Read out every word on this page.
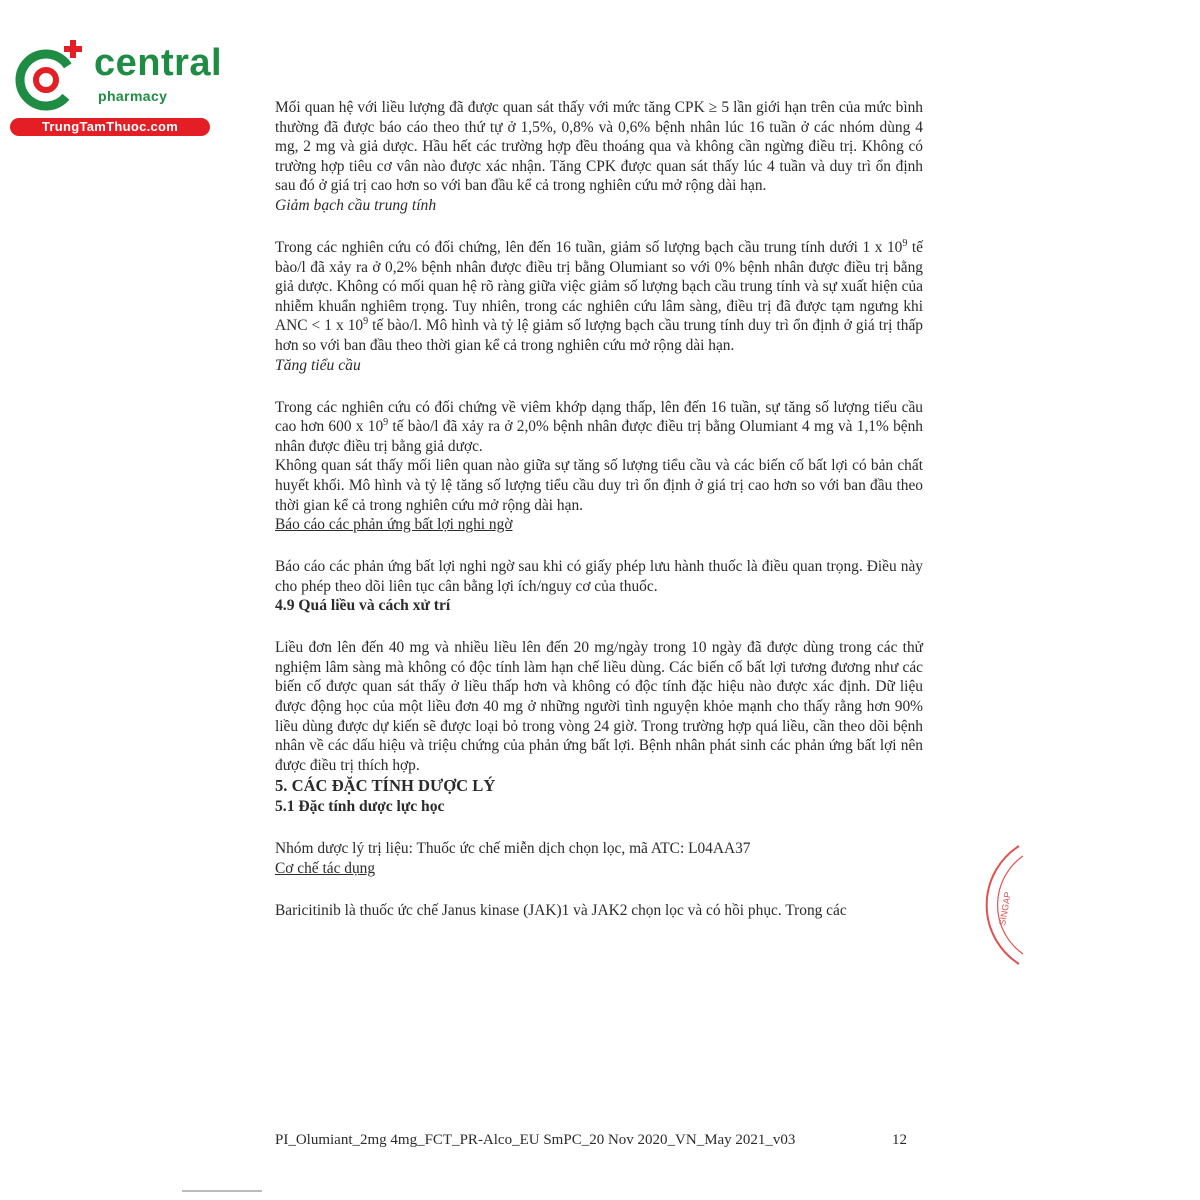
central
pharmacy
TrungTamThuoc.com

Mối quan hệ với liều lượng đã được quan sát thấy với mức tăng CPK ≥ 5 lần giới hạn trên của mức bình thường đã được báo cáo theo thứ tự ở 1,5%, 0,8% và 0,6% bệnh nhân lúc 16 tuần ở các nhóm dùng 4 mg, 2 mg và giả dược. Hầu hết các trường hợp đều thoáng qua và không cần ngừng điều trị. Không có trường hợp tiêu cơ vân nào được xác nhận. Tăng CPK được quan sát thấy lúc 4 tuần và duy trì ổn định sau đó ở giá trị cao hơn so với ban đầu kể cả trong nghiên cứu mở rộng dài hạn.

Giảm bạch cầu trung tính

Trong các nghiên cứu có đối chứng, lên đến 16 tuần, giảm số lượng bạch cầu trung tính dưới 1 x $10^9$ tế bào/l đã xảy ra ở 0,2% bệnh nhân được điều trị bằng Olumiant so với 0% bệnh nhân được điều trị bằng giả dược. Không có mối quan hệ rõ ràng giữa việc giảm số lượng bạch cầu trung tính và sự xuất hiện của nhiễm khuẩn nghiêm trọng. Tuy nhiên, trong các nghiên cứu lâm sàng, điều trị đã được tạm ngưng khi ANC < 1 x $10^9$ tế bào/l. Mô hình và tỷ lệ giảm số lượng bạch cầu trung tính duy trì ổn định ở giá trị thấp hơn so với ban đầu theo thời gian kể cả trong nghiên cứu mở rộng dài hạn.

Tăng tiểu cầu

Trong các nghiên cứu có đối chứng về viêm khớp dạng thấp, lên đến 16 tuần, sự tăng số lượng tiểu cầu cao hơn 600 x $10^9$ tế bào/l đã xảy ra ở 2,0% bệnh nhân được điều trị bằng Olumiant 4 mg và 1,1% bệnh nhân được điều trị bằng giả dược.

Không quan sát thấy mối liên quan nào giữa sự tăng số lượng tiểu cầu và các biến cố bất lợi có bản chất huyết khối. Mô hình và tỷ lệ tăng số lượng tiểu cầu duy trì ổn định ở giá trị cao hơn so với ban đầu theo thời gian kể cả trong nghiên cứu mở rộng dài hạn.

Báo cáo các phản ứng bất lợi nghi ngờ

Báo cáo các phản ứng bất lợi nghi ngờ sau khi có giấy phép lưu hành thuốc là điều quan trọng. Điều này cho phép theo dõi liên tục cân bằng lợi ích/nguy cơ của thuốc.

4.9 Quá liều và cách xử trí

Liều đơn lên đến 40 mg và nhiều liều lên đến 20 mg/ngày trong 10 ngày đã được dùng trong các thử nghiệm lâm sàng mà không có độc tính làm hạn chế liều dùng. Các biến cố bất lợi tương đương như các biến cố được quan sát thấy ở liều thấp hơn và không có độc tính đặc hiệu nào được xác định. Dữ liệu được động học của một liều đơn 40 mg ở những người tình nguyện khỏe mạnh cho thấy rằng hơn 90% liều dùng được dự kiến sẽ được loại bỏ trong vòng 24 giờ. Trong trường hợp quá liều, cần theo dõi bệnh nhân về các dấu hiệu và triệu chứng của phản ứng bất lợi. Bệnh nhân phát sinh các phản ứng bất lợi nên được điều trị thích hợp.

5. CÁC ĐẶC TÍNH DƯỢC LÝ

5.1 Đặc tính dược lực học

Nhóm dược lý trị liệu: Thuốc ức chế miễn dịch chọn lọc, mã ATC: L04AA37

Cơ chế tác dụng

Baricitinib là thuốc ức chế Janus kinase (JAK)1 và JAK2 chọn lọc và có hồi phục. Trong các	SINGAP
PI_Olumiant_2mg 4mg_FCT_PR-Alco_EU SmPC_20 Nov 2020_VN_May 2021_v03	12
